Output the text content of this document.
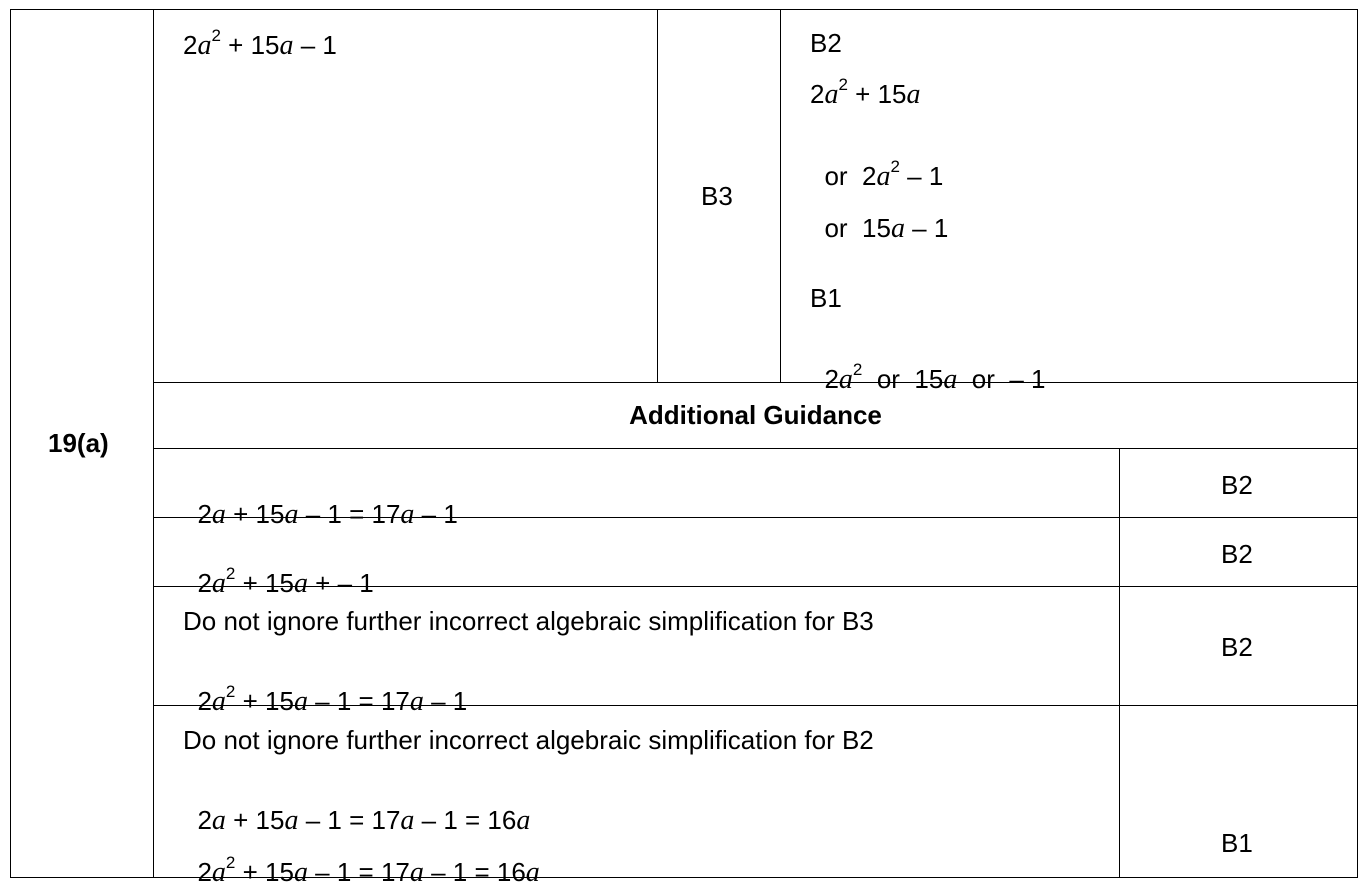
19(a)
$2a^2 + 15a - 1$
B3
B2
$2a^2 + 15a$

or  $2a^2 - 1$

or  15a – 1

B1

$2a^2$  or  15a  or  – 1

Additional Guidance

2a + 15a – 1 = 17a – 1

B2

$2a^2 + 15a$ + – 1

B2
Do not ignore further incorrect algebraic simplification for B3

$2a^2 + 15a - 1 = 17a - 1$

B2
Do not ignore further incorrect algebraic simplification for B2

2a + 15a – 1 = 17a – 1 = 16a

$2a^2 + 15a - 1 = 17a - 1 = 16a$

B1
